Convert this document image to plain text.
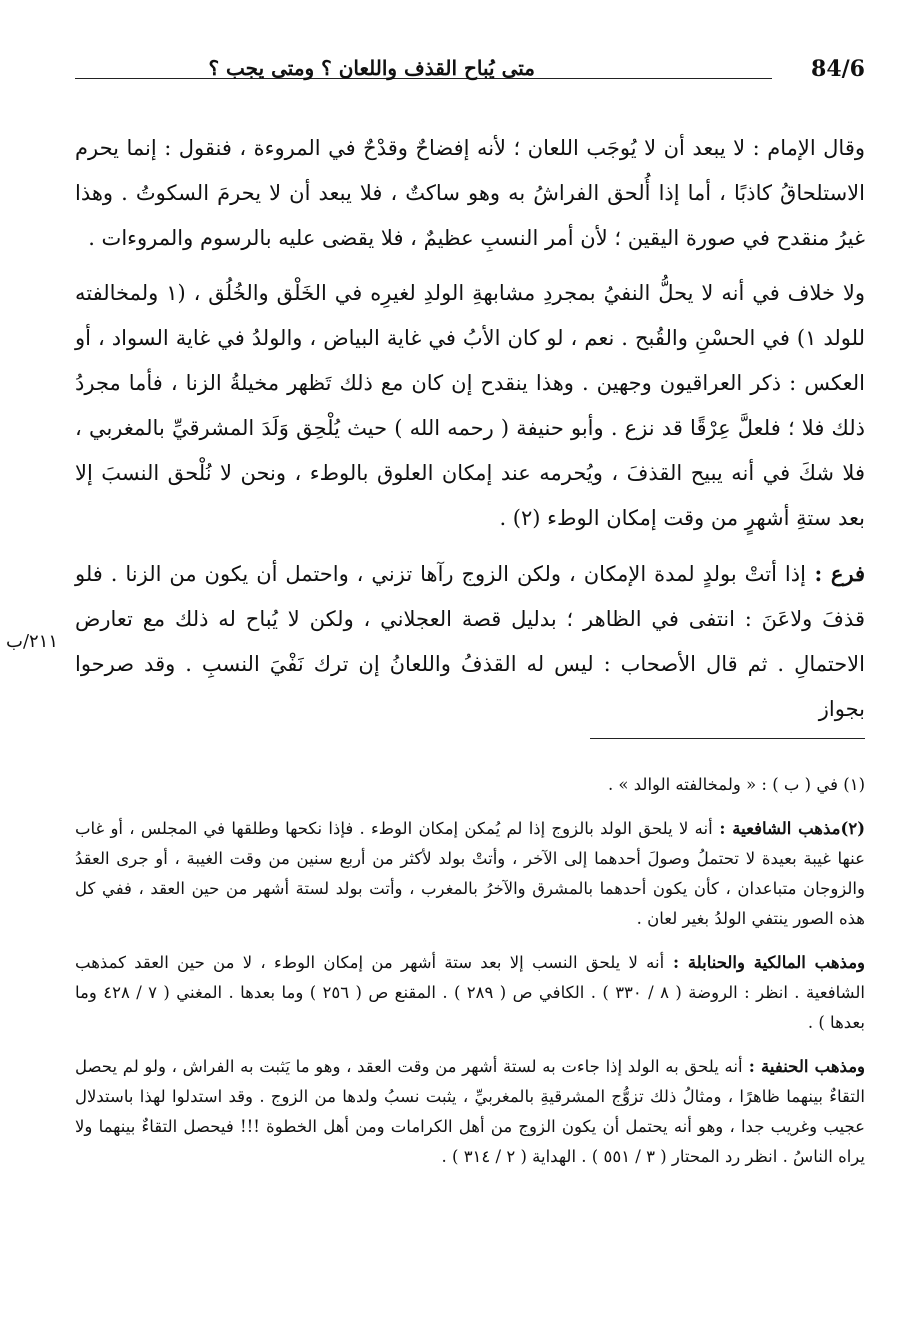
84/6
متى يُباح القذف واللعان ؟ ومتى يجب ؟

وقال الإمام : لا يبعد أن لا يُوجَب اللعان ؛ لأنه إفضاحٌ وقدْحٌ في المروءة ، فنقول : إنما يحرم الاستلحاقُ كاذبًا ، أما إذا أُلحق الفراشُ به وهو ساكتٌ ، فلا يبعد أن لا يحرمَ السكوتُ . وهذا غيرُ منقدح في صورة اليقين ؛ لأن أمر النسبِ عظيمٌ ، فلا يقضى عليه بالرسوم والمروءات .

ولا خلاف في أنه لا يحلُّ النفيُ بمجردِ مشابهةِ الولدِ لغيرِه في الخَلْق والخُلُق ، (١ ولمخالفته للولد ١) في الحسْنِ والقُبح . نعم ، لو كان الأبُ في غاية البياض ، والولدُ في غاية السواد ، أو العكس : ذكر العراقيون وجهين . وهذا ينقدح إن كان مع ذلك تَظهر مخيلةُ الزنا ، فأما مجردُ ذلك فلا ؛ فلعلَّ عِرْقًا قد نزع . وأبو حنيفة ( رحمه الله ) حيث يُلْحِق وَلَدَ المشرقيِّ بالمغربي ، فلا شكَ في أنه يبيح القذفَ ، ويُحرمه عند إمكان العلوق بالوطء ، ونحن لا نُلْحق النسبَ إلا بعد ستةِ أشهرٍ من وقت إمكان الوطء (٢) .

فرع : إذا أتتْ بولدٍ لمدة الإمكان ، ولكن الزوج رآها تزني ، واحتمل أن يكون من الزنا . فلو قذفَ ولاعَنَ : انتفى في الظاهر ؛ بدليل قصة العجلاني ، ولكن لا يُباح له ذلك مع تعارض الاحتمالِ . ثم قال الأصحاب : ليس له القذفُ واللعانُ إن ترك نَفْيَ النسبِ . وقد صرحوا بجواز

٢١١/ب

(١) في ( ب ) : « ولمخالفته الوالد » .

(٢)مذهب الشافعية : أنه لا يلحق الولد بالزوج إذا لم يُمكن إمكان الوطء . فإذا نكحها وطلقها في المجلس ، أو غاب عنها غيبة بعيدة لا تحتملُ وصولَ أحدهما إلى الآخر ، وأتتْ بولد لأكثر من أربع سنين من وقت الغيبة ، أو جرى العقدُ والزوجان متباعدان ، كأن يكون أحدهما بالمشرق والآخرُ بالمغرب ، وأتت بولد لستة أشهر من حين العقد ، ففي كل هذه الصور ينتفي الولدُ بغير لعان .

ومذهب المالكية والحنابلة : أنه لا يلحق النسب إلا بعد ستة أشهر من إمكان الوطء ، لا من حين العقد كمذهب الشافعية . انظر : الروضة ( ٨ / ٣٣٠ ) . الكافي ص ( ٢٨٩ ) . المقنع ص ( ٢٥٦ ) وما بعدها . المغني ( ٧ / ٤٢٨ وما بعدها ) .

ومذهب الحنفية : أنه يلحق به الولد إذا جاءت به لستة أشهر من وقت العقد ، وهو ما يَثبت به الفراش ، ولو لم يحصل التقاءٌ بينهما ظاهرًا ، ومثالُ ذلك تزوُّج المشرقيةِ بالمغربيِّ ، يثبت نسبُ ولدها من الزوج . وقد استدلوا لهذا باستدلال عجيب وغريب جدا ، وهو أنه يحتمل أن يكون الزوج من أهل الكرامات ومن أهل الخطوة !!! فيحصل التقاءٌ بينهما ولا يراه الناسُ . انظر رد المحتار ( ٣ / ٥٥١ ) . الهداية ( ٢ / ٣١٤ ) .
